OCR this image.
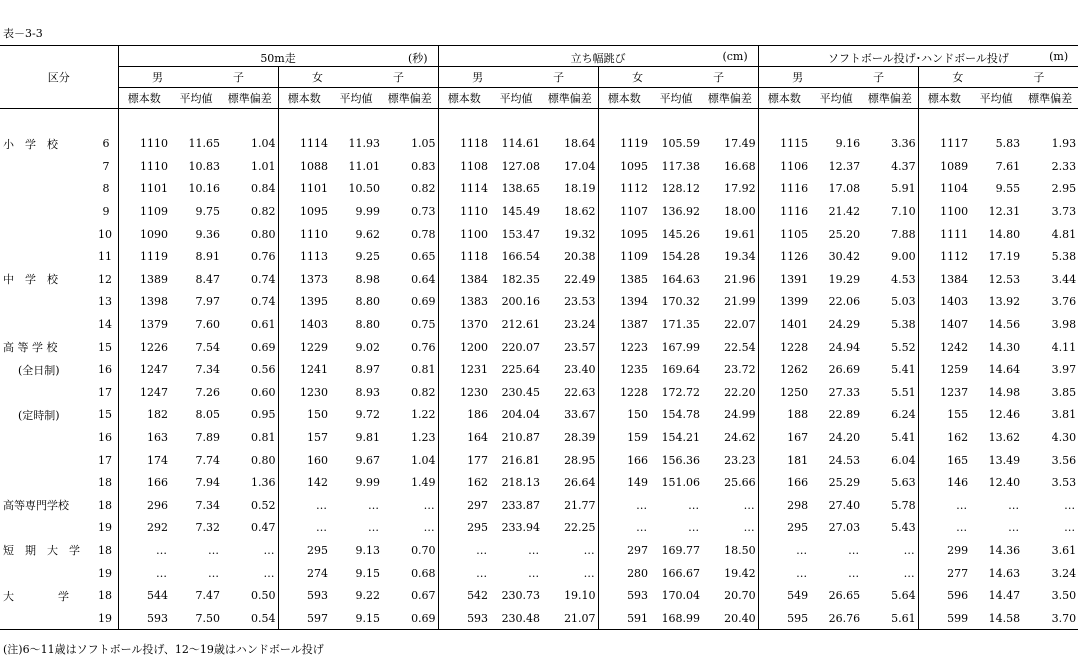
表－3-3
区分		50m走 (秒)						立ち幅跳び (cm)						ソフトボール投げ･ハンドボール投げ (m)					

		男 子			女 子			男 子			女 子			男 子			女 子		
		標本数	平均値	標準偏差	標本数	平均値	標準偏差	標本数	平均値	標準偏差	標本数	平均値	標準偏差	標本数	平均値	標準偏差	標本数	平均値	標準偏差

小　学　校	6	1110	11.65	1.04	1114	11.93	1.05	1118	114.61	18.64	1119	105.59	17.49	1115	9.16	3.36	1117	5.83	1.93
	7	1110	10.83	1.01	1088	11.01	0.83	1108	127.08	17.04	1095	117.38	16.68	1106	12.37	4.37	1089	7.61	2.33
	8	1101	10.16	0.84	1101	10.50	0.82	1114	138.65	18.19	1112	128.12	17.92	1116	17.08	5.91	1104	9.55	2.95
	9	1109	9.75	0.82	1095	9.99	0.73	1110	145.49	18.62	1107	136.92	18.00	1116	21.42	7.10	1100	12.31	3.73
	10	1090	9.36	0.80	1110	9.62	0.78	1100	153.47	19.32	1095	145.26	19.61	1105	25.20	7.88	1111	14.80	4.81
	11	1119	8.91	0.76	1113	9.25	0.65	1118	166.54	20.38	1109	154.28	19.34	1126	30.42	9.00	1112	17.19	5.38
中　学　校	12	1389	8.47	0.74	1373	8.98	0.64	1384	182.35	22.49	1385	164.63	21.96	1391	19.29	4.53	1384	12.53	3.44
	13	1398	7.97	0.74	1395	8.80	0.69	1383	200.16	23.53	1394	170.32	21.99	1399	22.06	5.03	1403	13.92	3.76
	14	1379	7.60	0.61	1403	8.80	0.75	1370	212.61	23.24	1387	171.35	22.07	1401	24.29	5.38	1407	14.56	3.98
高 等 学 校	15	1226	7.54	0.69	1229	9.02	0.76	1200	220.07	23.57	1223	167.99	22.54	1228	24.94	5.52	1242	14.30	4.11
(全日制)	16	1247	7.34	0.56	1241	8.97	0.81	1231	225.64	23.40	1235	169.64	23.72	1262	26.69	5.41	1259	14.64	3.97
	17	1247	7.26	0.60	1230	8.93	0.82	1230	230.45	22.63	1228	172.72	22.20	1250	27.33	5.51	1237	14.98	3.85
(定時制)	15	182	8.05	0.95	150	9.72	1.22	186	204.04	33.67	150	154.78	24.99	188	22.89	6.24	155	12.46	3.81
	16	163	7.89	0.81	157	9.81	1.23	164	210.87	28.39	159	154.21	24.62	167	24.20	5.41	162	13.62	4.30
	17	174	7.74	0.80	160	9.67	1.04	177	216.81	28.95	166	156.36	23.23	181	24.53	6.04	165	13.49	3.56
	18	166	7.94	1.36	142	9.99	1.49	162	218.13	26.64	149	151.06	25.66	166	25.29	5.63	146	12.40	3.53
高等専門学校	18	296	7.34	0.52	…	…	…	297	233.87	21.77	…	…	…	298	27.40	5.78	…	…	…
	19	292	7.32	0.47	…	…	…	295	233.94	22.25	…	…	…	295	27.03	5.43	…	…	…
短　期　大　学	18	…	…	…	295	9.13	0.70	…	…	…	297	169.77	18.50	…	…	…	299	14.36	3.61
	19	…	…	…	274	9.15	0.68	…	…	…	280	166.67	19.42	…	…	…	277	14.63	3.24
大　　　　学	18	544	7.47	0.50	593	9.22	0.67	542	230.73	19.10	593	170.04	20.70	549	26.65	5.64	596	14.47	3.50
	19	593	7.50	0.54	597	9.15	0.69	593	230.48	21.07	591	168.99	20.40	595	26.76	5.61	599	14.58	3.70
(注)6～11歳はソフトボール投げ、12～19歳はハンドボール投げ
